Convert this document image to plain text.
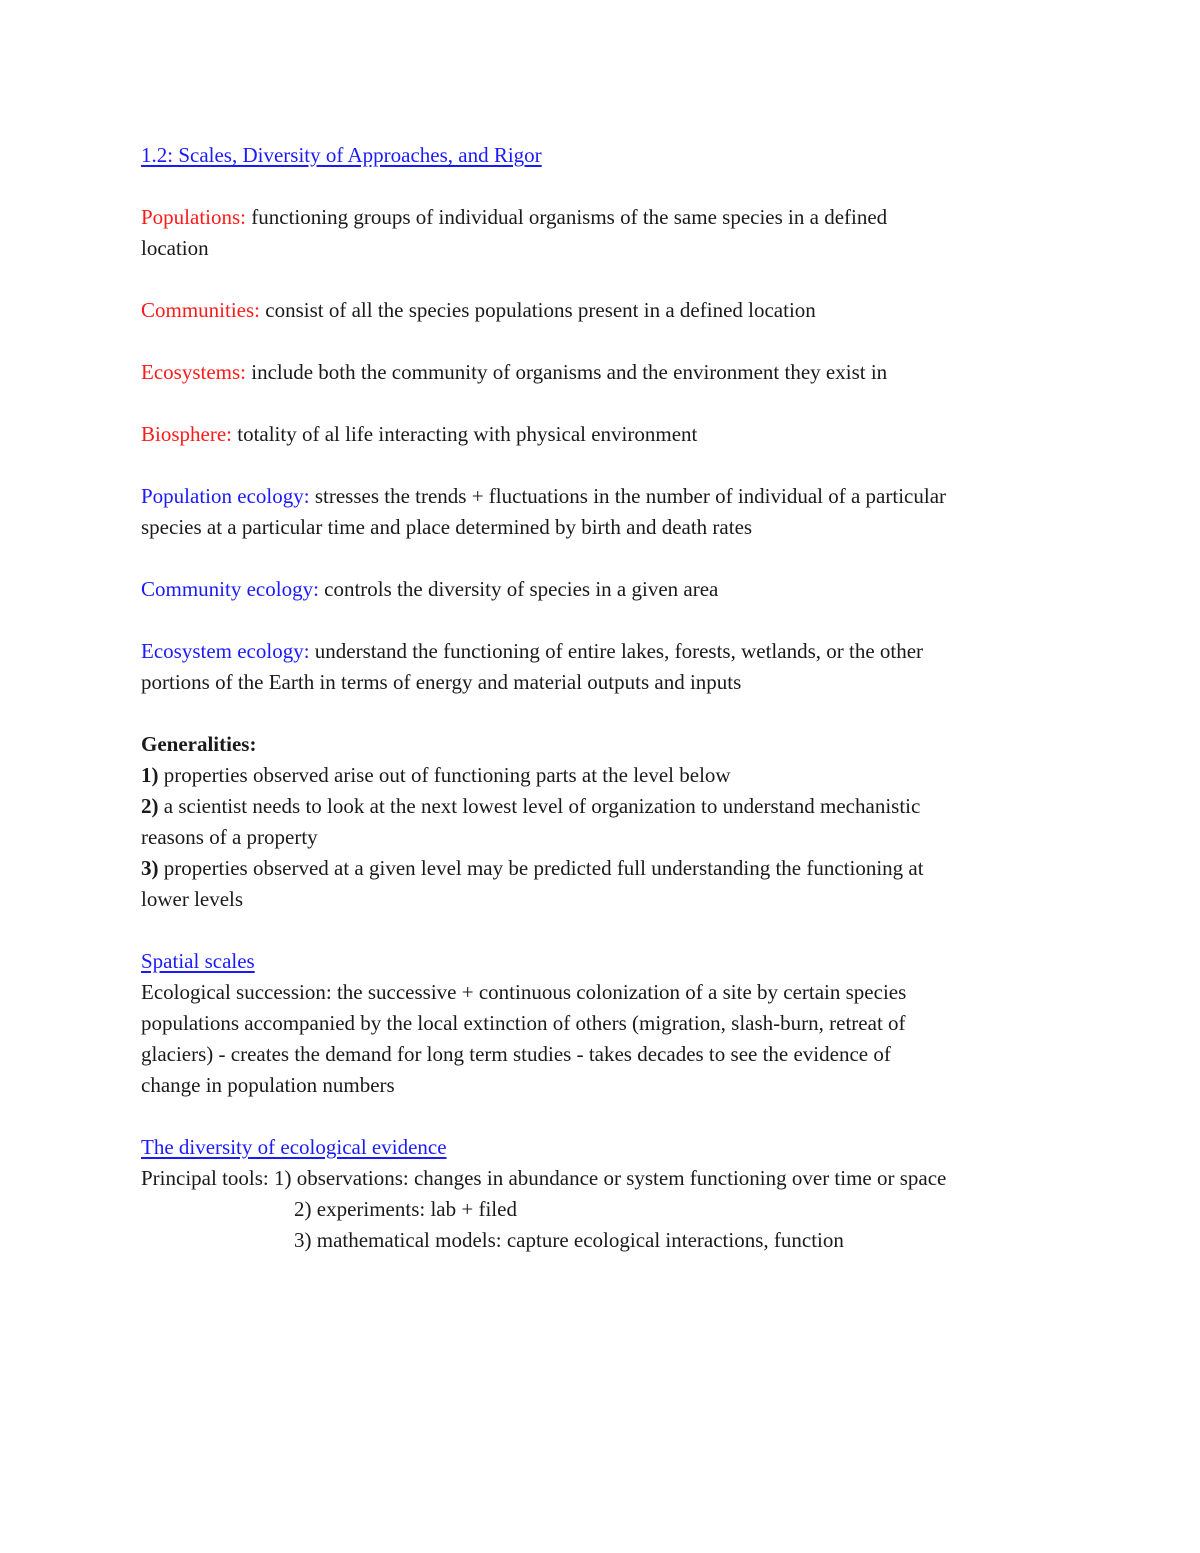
1.2: Scales, Diversity of Approaches, and Rigor
Populations: functioning groups of individual organisms of the same species in a defined
location
Communities: consist of all the species populations present in a defined location
Ecosystems: include both the community of organisms and the environment they exist in
Biosphere: totality of al life interacting with physical environment
Population ecology: stresses the trends + fluctuations in the number of individual of a particular
species at a particular time and place determined by birth and death rates
Community ecology: controls the diversity of species in a given area
Ecosystem ecology: understand the functioning of entire lakes, forests, wetlands, or the other
portions of the Earth in terms of energy and material outputs and inputs
Generalities:
1) properties observed arise out of functioning parts at the level below
2) a scientist needs to look at the next lowest level of organization to understand mechanistic
reasons of a property
3) properties observed at a given level may be predicted full understanding the functioning at
lower levels
Spatial scales
Ecological succession: the successive + continuous colonization of a site by certain species
populations accompanied by the local extinction of others (migration, slash-burn, retreat of
glaciers) - creates the demand for long term studies - takes decades to see the evidence of
change in population numbers
The diversity of ecological evidence
Principal tools: 1) observations: changes in abundance or system functioning over time or space
2) experiments: lab + filed
3) mathematical models: capture ecological interactions, function
